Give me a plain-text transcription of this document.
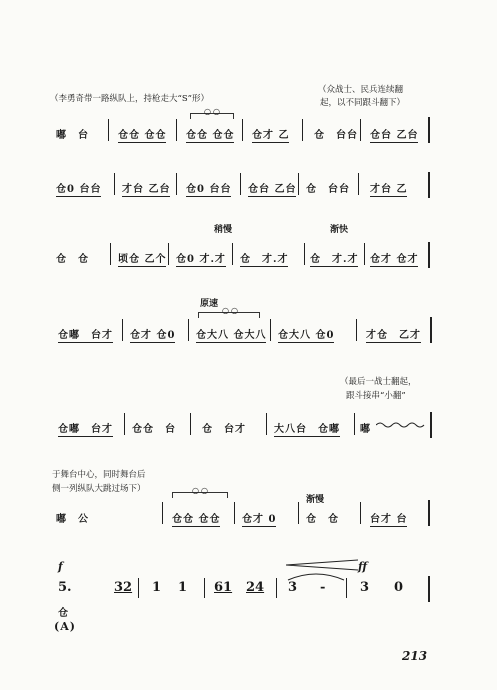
（李勇奇带一路纵队上，持枪走大“S”形）
（众战士、民兵连续翻
起，以不同跟斗翻下）
○○
嘟　台	仓仓 仓仓 仓仓 仓仓 仓才 乙 仓　台台 仓台 乙台
仓0 台台 才台 乙台 仓0 台台 仓台 乙台 仓　台台 才台 乙
稍慢	渐快
仓　仓	顷仓 乙个 仓0 才.才 仓　才.才 仓　才.才 仓才 仓才
原速
○○
仓嘟　台才 仓才 仓0 仓大八 仓大八 仓大八 仓0	才仓　乙才
（最后一战士翻起，
跟斗接串“小翻”
仓嘟　台才 仓仓　台	仓　台才	大八台　仓嘟 嘟
于舞台中心，同时舞台后
侧一列纵队大跳过场下）
渐慢
○○
嘟　公	仓仓 仓仓 仓才 0	仓　仓	台才 台
f	ff
5.	32 1 1 61 24 3 -	3 0
仓
(A)
213
